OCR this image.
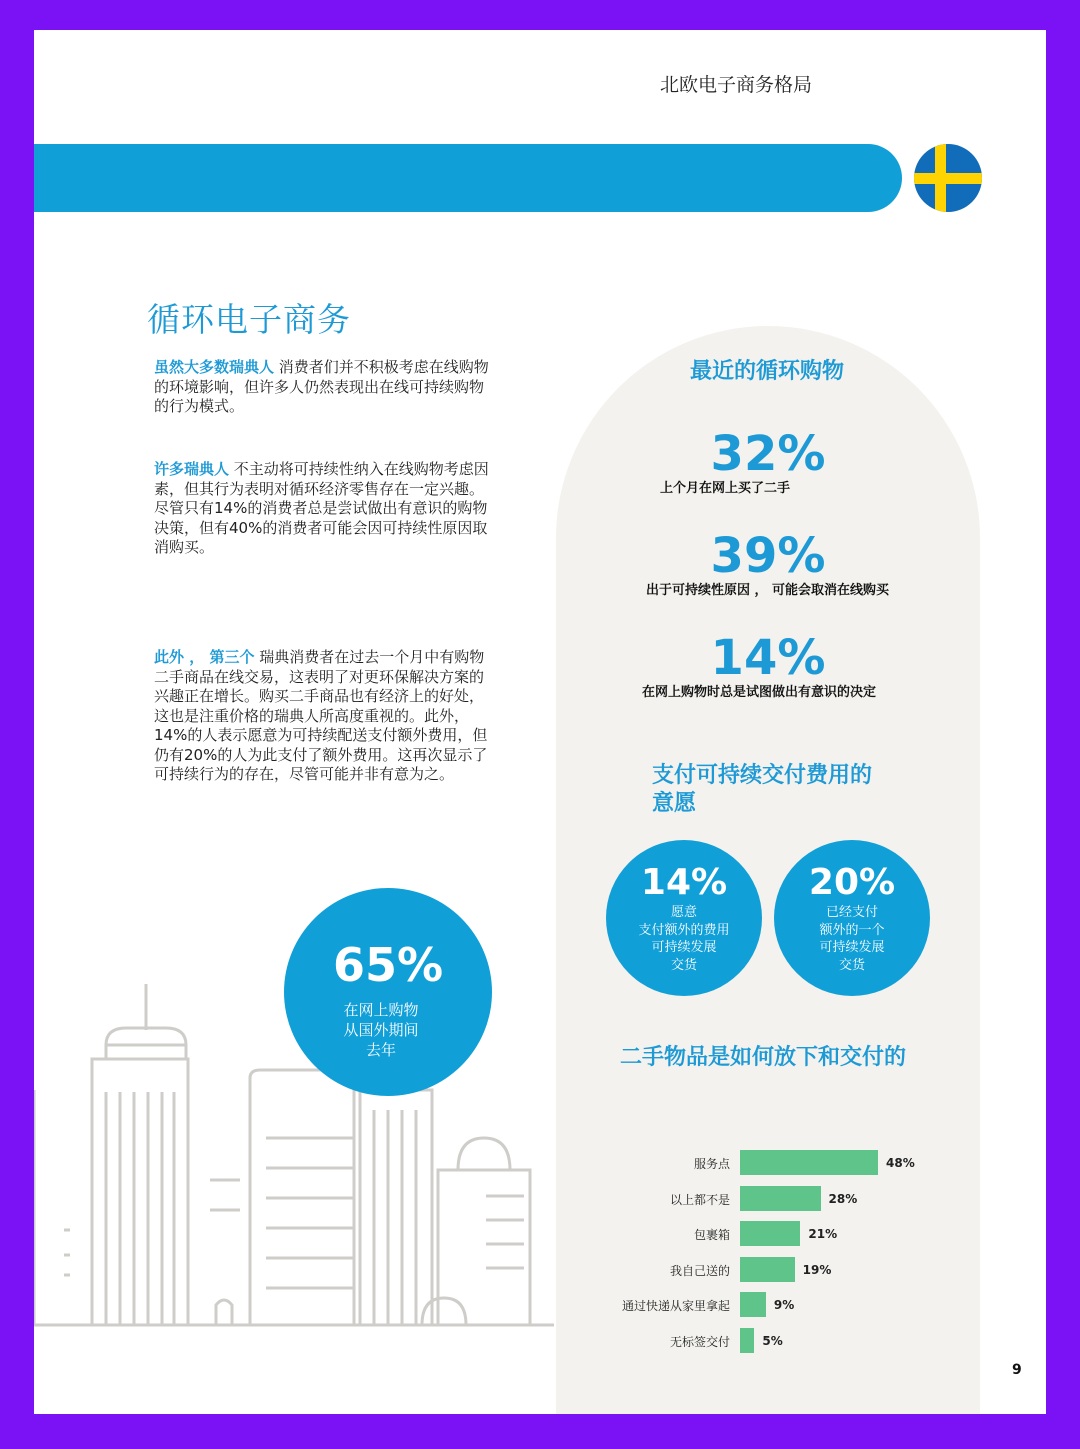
北欧电子商务格局
循环电子商务
虽然大多数瑞典人 消费者们并不积极考虑在线购物的环境影响，但许多人仍然表现出在线可持续购物的行为模式。
许多瑞典人 不主动将可持续性纳入在线购物考虑因素，但其行为表明对循环经济零售存在一定兴趣。尽管只有14%的消费者总是尝试做出有意识的购物决策，但有40%的消费者可能会因可持续性原因取消购买。
此外 ， 第三个 瑞典消费者在过去一个月中有购物二手商品在线交易，这表明了对更环保解决方案的兴趣正在增长。购买二手商品也有经济上的好处，这也是注重价格的瑞典人所高度重视的。此外，14%的人表示愿意为可持续配送支付额外费用，但仍有20%的人为此支付了额外费用。这再次显示了可持续行为的存在，尽管可能并非有意为之。
65%
在网上购物
从国外期间
去年
最近的循环购物
32%
上个月在网上买了二手
39%
出于可持续性原因 ， 可能会取消在线购买
14%
在网上购物时总是试图做出有意识的决定
支付可持续交付费用的意愿
14%
愿意
支付额外的费用
可持续发展
交货
20%
已经支付
额外的一个
可持续发展
交货
二手物品是如何放下和交付的
服务点	48%
以上都不是	28%
包裹箱	21%
我自己送的	19%
通过快递从家里拿起	9%
无标签交付	5%
9
